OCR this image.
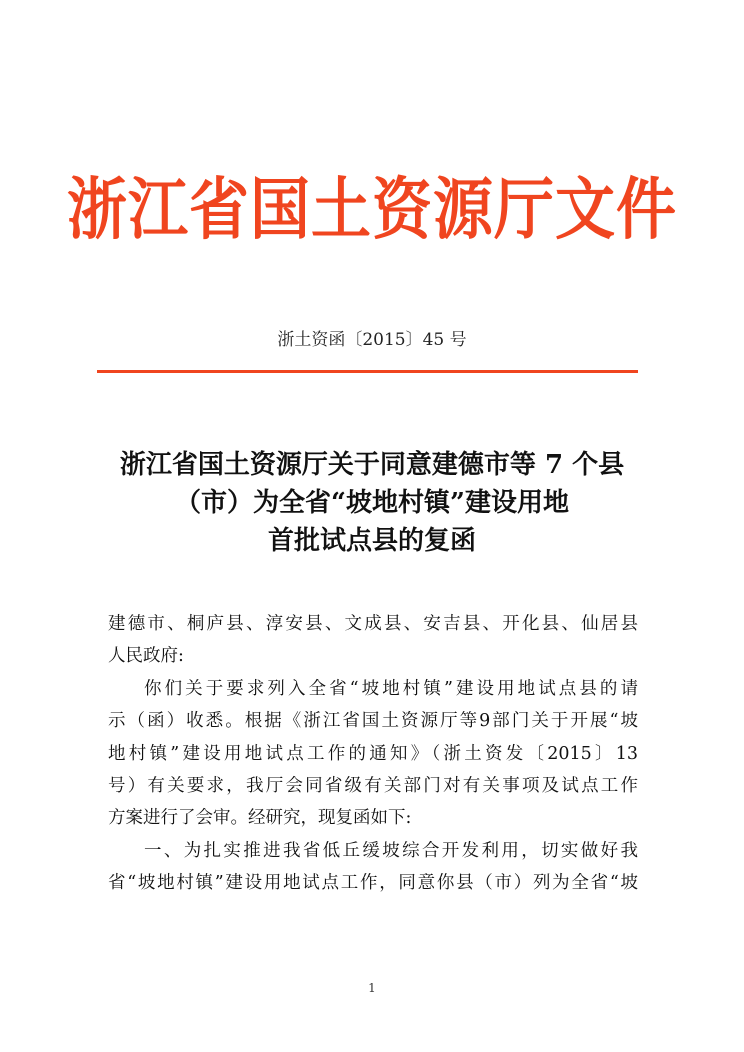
浙江省国土资源厅文件
浙土资函〔2015〕45 号
浙江省国土资源厅关于同意建德市等 7 个县
（市）为全省“坡地村镇”建设用地
首批试点县的复函
建德市、桐庐县、淳安县、文成县、安吉县、开化县、仙居县
人民政府:
你们关于要求列入全省“坡地村镇”建设用地试点县的请
示（函）收悉。根据《浙江省国土资源厅等9部门关于开展“坡
地村镇”建设用地试点工作的通知》（浙土资发〔2015〕13
号）有关要求，我厅会同省级有关部门对有关事项及试点工作
方案进行了会审。经研究，现复函如下:
一、为扎实推进我省低丘缓坡综合开发利用，切实做好我
省“坡地村镇”建设用地试点工作，同意你县（市）列为全省“坡
1
